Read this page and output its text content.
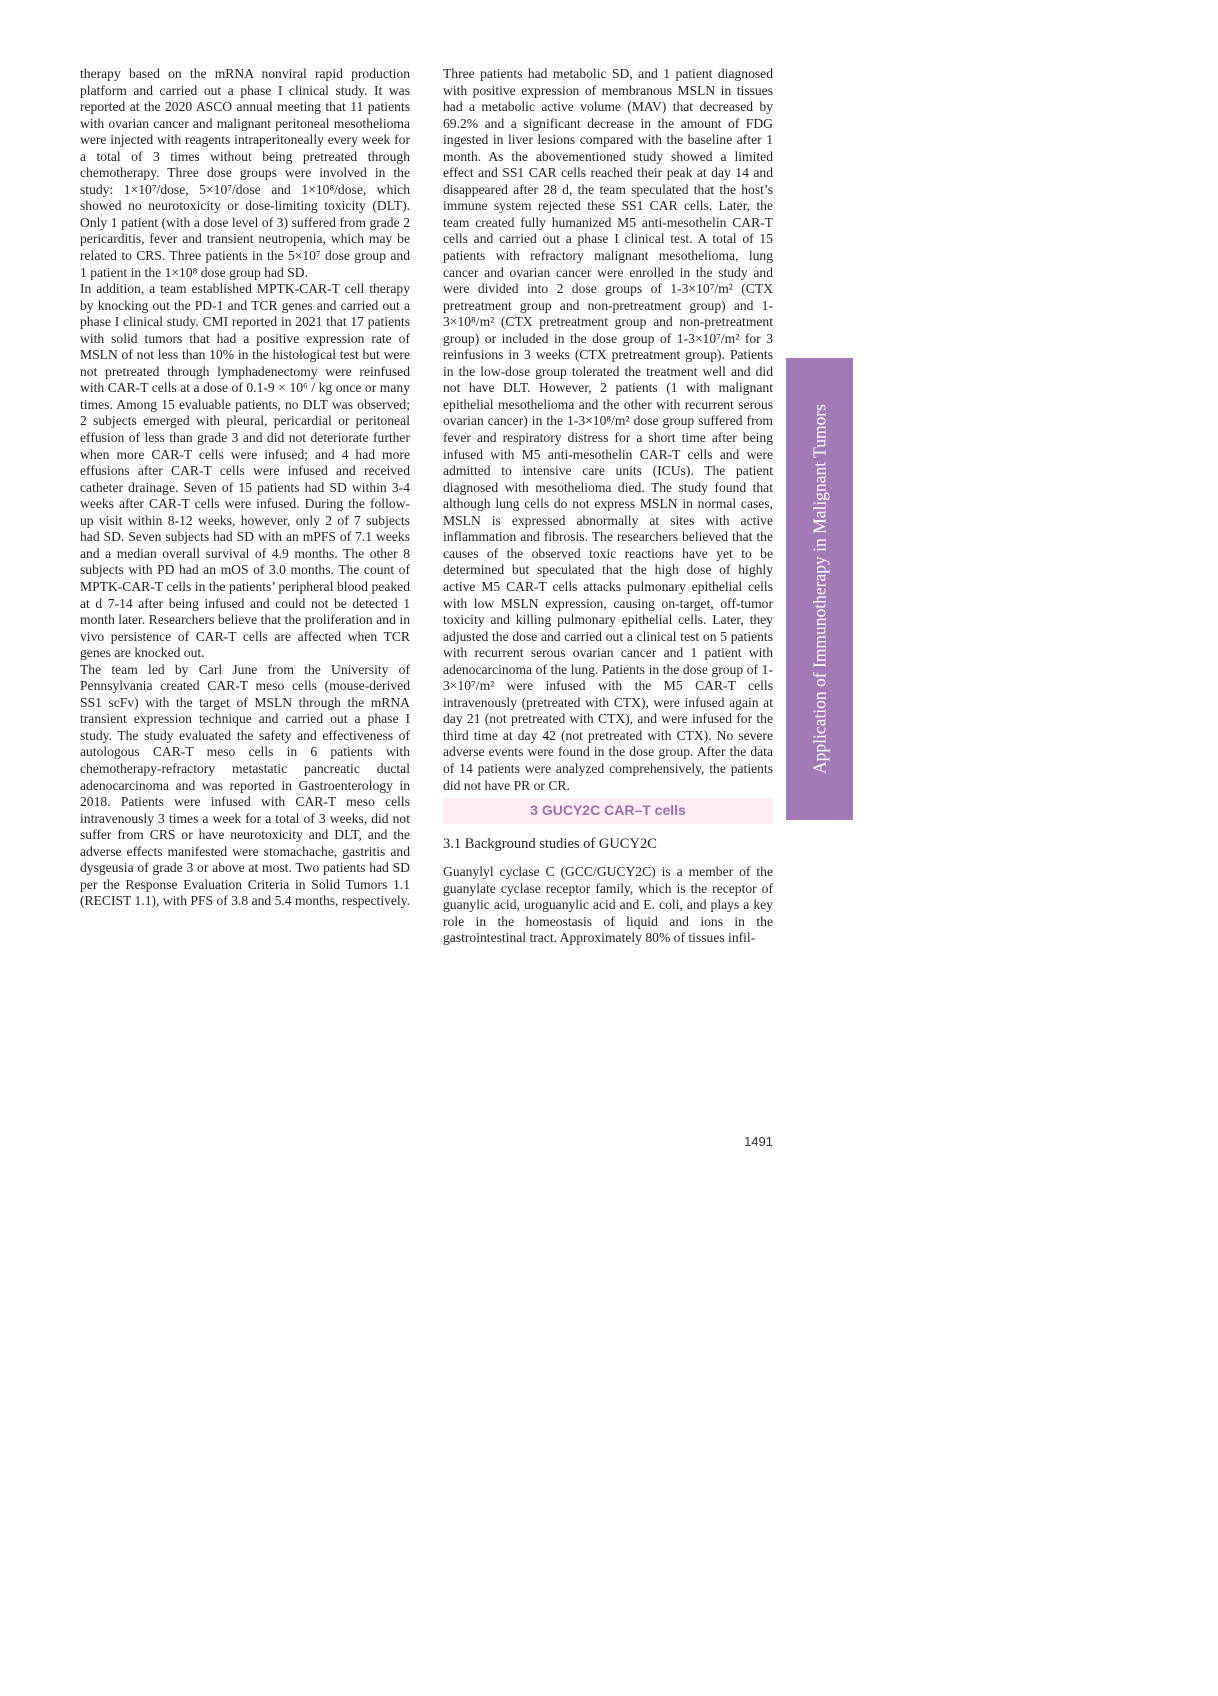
therapy based on the mRNA nonviral rapid production platform and carried out a phase I clinical study. It was reported at the 2020 ASCO annual meeting that 11 patients with ovarian cancer and malignant peritoneal mesothelioma were injected with reagents intraperitoneally every week for a total of 3 times without being pretreated through chemotherapy. Three dose groups were involved in the study: 1×10⁷/dose, 5×10⁷/dose and 1×10⁸/dose, which showed no neurotoxicity or dose-limiting toxicity (DLT). Only 1 patient (with a dose level of 3) suffered from grade 2 pericarditis, fever and transient neutropenia, which may be related to CRS. Three patients in the 5×10⁷ dose group and 1 patient in the 1×10⁸ dose group had SD.

In addition, a team established MPTK-CAR-T cell therapy by knocking out the PD-1 and TCR genes and carried out a phase I clinical study. CMI reported in 2021 that 17 patients with solid tumors that had a positive expression rate of MSLN of not less than 10% in the histological test but were not pretreated through lymphadenectomy were reinfused with CAR-T cells at a dose of 0.1-9 × 10⁶ / kg once or many times. Among 15 evaluable patients, no DLT was observed; 2 subjects emerged with pleural, pericardial or peritoneal effusion of less than grade 3 and did not deteriorate further when more CAR-T cells were infused; and 4 had more effusions after CAR-T cells were infused and received catheter drainage. Seven of 15 patients had SD within 3-4 weeks after CAR-T cells were infused. During the follow-up visit within 8-12 weeks, however, only 2 of 7 subjects had SD. Seven subjects had SD with an mPFS of 7.1 weeks and a median overall survival of 4.9 months. The other 8 subjects with PD had an mOS of 3.0 months. The count of MPTK-CAR-T cells in the patients’ peripheral blood peaked at d 7-14 after being infused and could not be detected 1 month later. Researchers believe that the proliferation and in vivo persistence of CAR-T cells are affected when TCR genes are knocked out.

The team led by Carl June from the University of Pennsylvania created CAR-T meso cells (mouse-derived SS1 scFv) with the target of MSLN through the mRNA transient expression technique and carried out a phase I study. The study evaluated the safety and effectiveness of autologous CAR-T meso cells in 6 patients with chemotherapy-refractory metastatic pancreatic ductal adenocarcinoma and was reported in Gastroenterology in 2018. Patients were infused with CAR-T meso cells intravenously 3 times a week for a total of 3 weeks, did not suffer from CRS or have neurotoxicity and DLT, and the adverse effects manifested were stomachache, gastritis and dysgeusia of grade 3 or above at most. Two patients had SD per the Response Evaluation Criteria in Solid Tumors 1.1 (RECIST 1.1), with PFS of 3.8 and 5.4 months, respectively.

Three patients had metabolic SD, and 1 patient diagnosed with positive expression of membranous MSLN in tissues had a metabolic active volume (MAV) that decreased by 69.2% and a significant decrease in the amount of FDG ingested in liver lesions compared with the baseline after 1 month. As the abovementioned study showed a limited effect and SS1 CAR cells reached their peak at day 14 and disappeared after 28 d, the team speculated that the host’s immune system rejected these SS1 CAR cells. Later, the team created fully humanized M5 anti-mesothelin CAR-T cells and carried out a phase I clinical test. A total of 15 patients with refractory malignant mesothelioma, lung cancer and ovarian cancer were enrolled in the study and were divided into 2 dose groups of 1-3×10⁷/m² (CTX pretreatment group and non-pretreatment group) and 1-3×10⁸/m² (CTX pretreatment group and non-pretreatment group) or included in the dose group of 1-3×10⁷/m² for 3 reinfusions in 3 weeks (CTX pretreatment group). Patients in the low-dose group tolerated the treatment well and did not have DLT. However, 2 patients (1 with malignant epithelial mesothelioma and the other with recurrent serous ovarian cancer) in the 1-3×10⁸/m² dose group suffered from fever and respiratory distress for a short time after being infused with M5 anti-mesothelin CAR-T cells and were admitted to intensive care units (ICUs). The patient diagnosed with mesothelioma died. The study found that although lung cells do not express MSLN in normal cases, MSLN is expressed abnormally at sites with active inflammation and fibrosis. The researchers believed that the causes of the observed toxic reactions have yet to be determined but speculated that the high dose of highly active M5 CAR-T cells attacks pulmonary epithelial cells with low MSLN expression, causing on-target, off-tumor toxicity and killing pulmonary epithelial cells. Later, they adjusted the dose and carried out a clinical test on 5 patients with recurrent serous ovarian cancer and 1 patient with adenocarcinoma of the lung. Patients in the dose group of 1-3×10⁷/m² were infused with the M5 CAR-T cells intravenously (pretreated with CTX), were infused again at day 21 (not pretreated with CTX), and were infused for the third time at day 42 (not pretreated with CTX). No severe adverse events were found in the dose group. After the data of 14 patients were analyzed comprehensively, the patients did not have PR or CR.

3 GUCY2C CAR–T cells
3.1 Background studies of GUCY2C

Guanylyl cyclase C (GCC/GUCY2C) is a member of the guanylate cyclase receptor family, which is the receptor of guanylic acid, uroguanylic acid and E. coli, and plays a key role in the homeostasis of liquid and ions in the gastrointestinal tract. Approximately 80% of tissues infil-

Application of Immunotherapy in Malignant Tumors
1491
